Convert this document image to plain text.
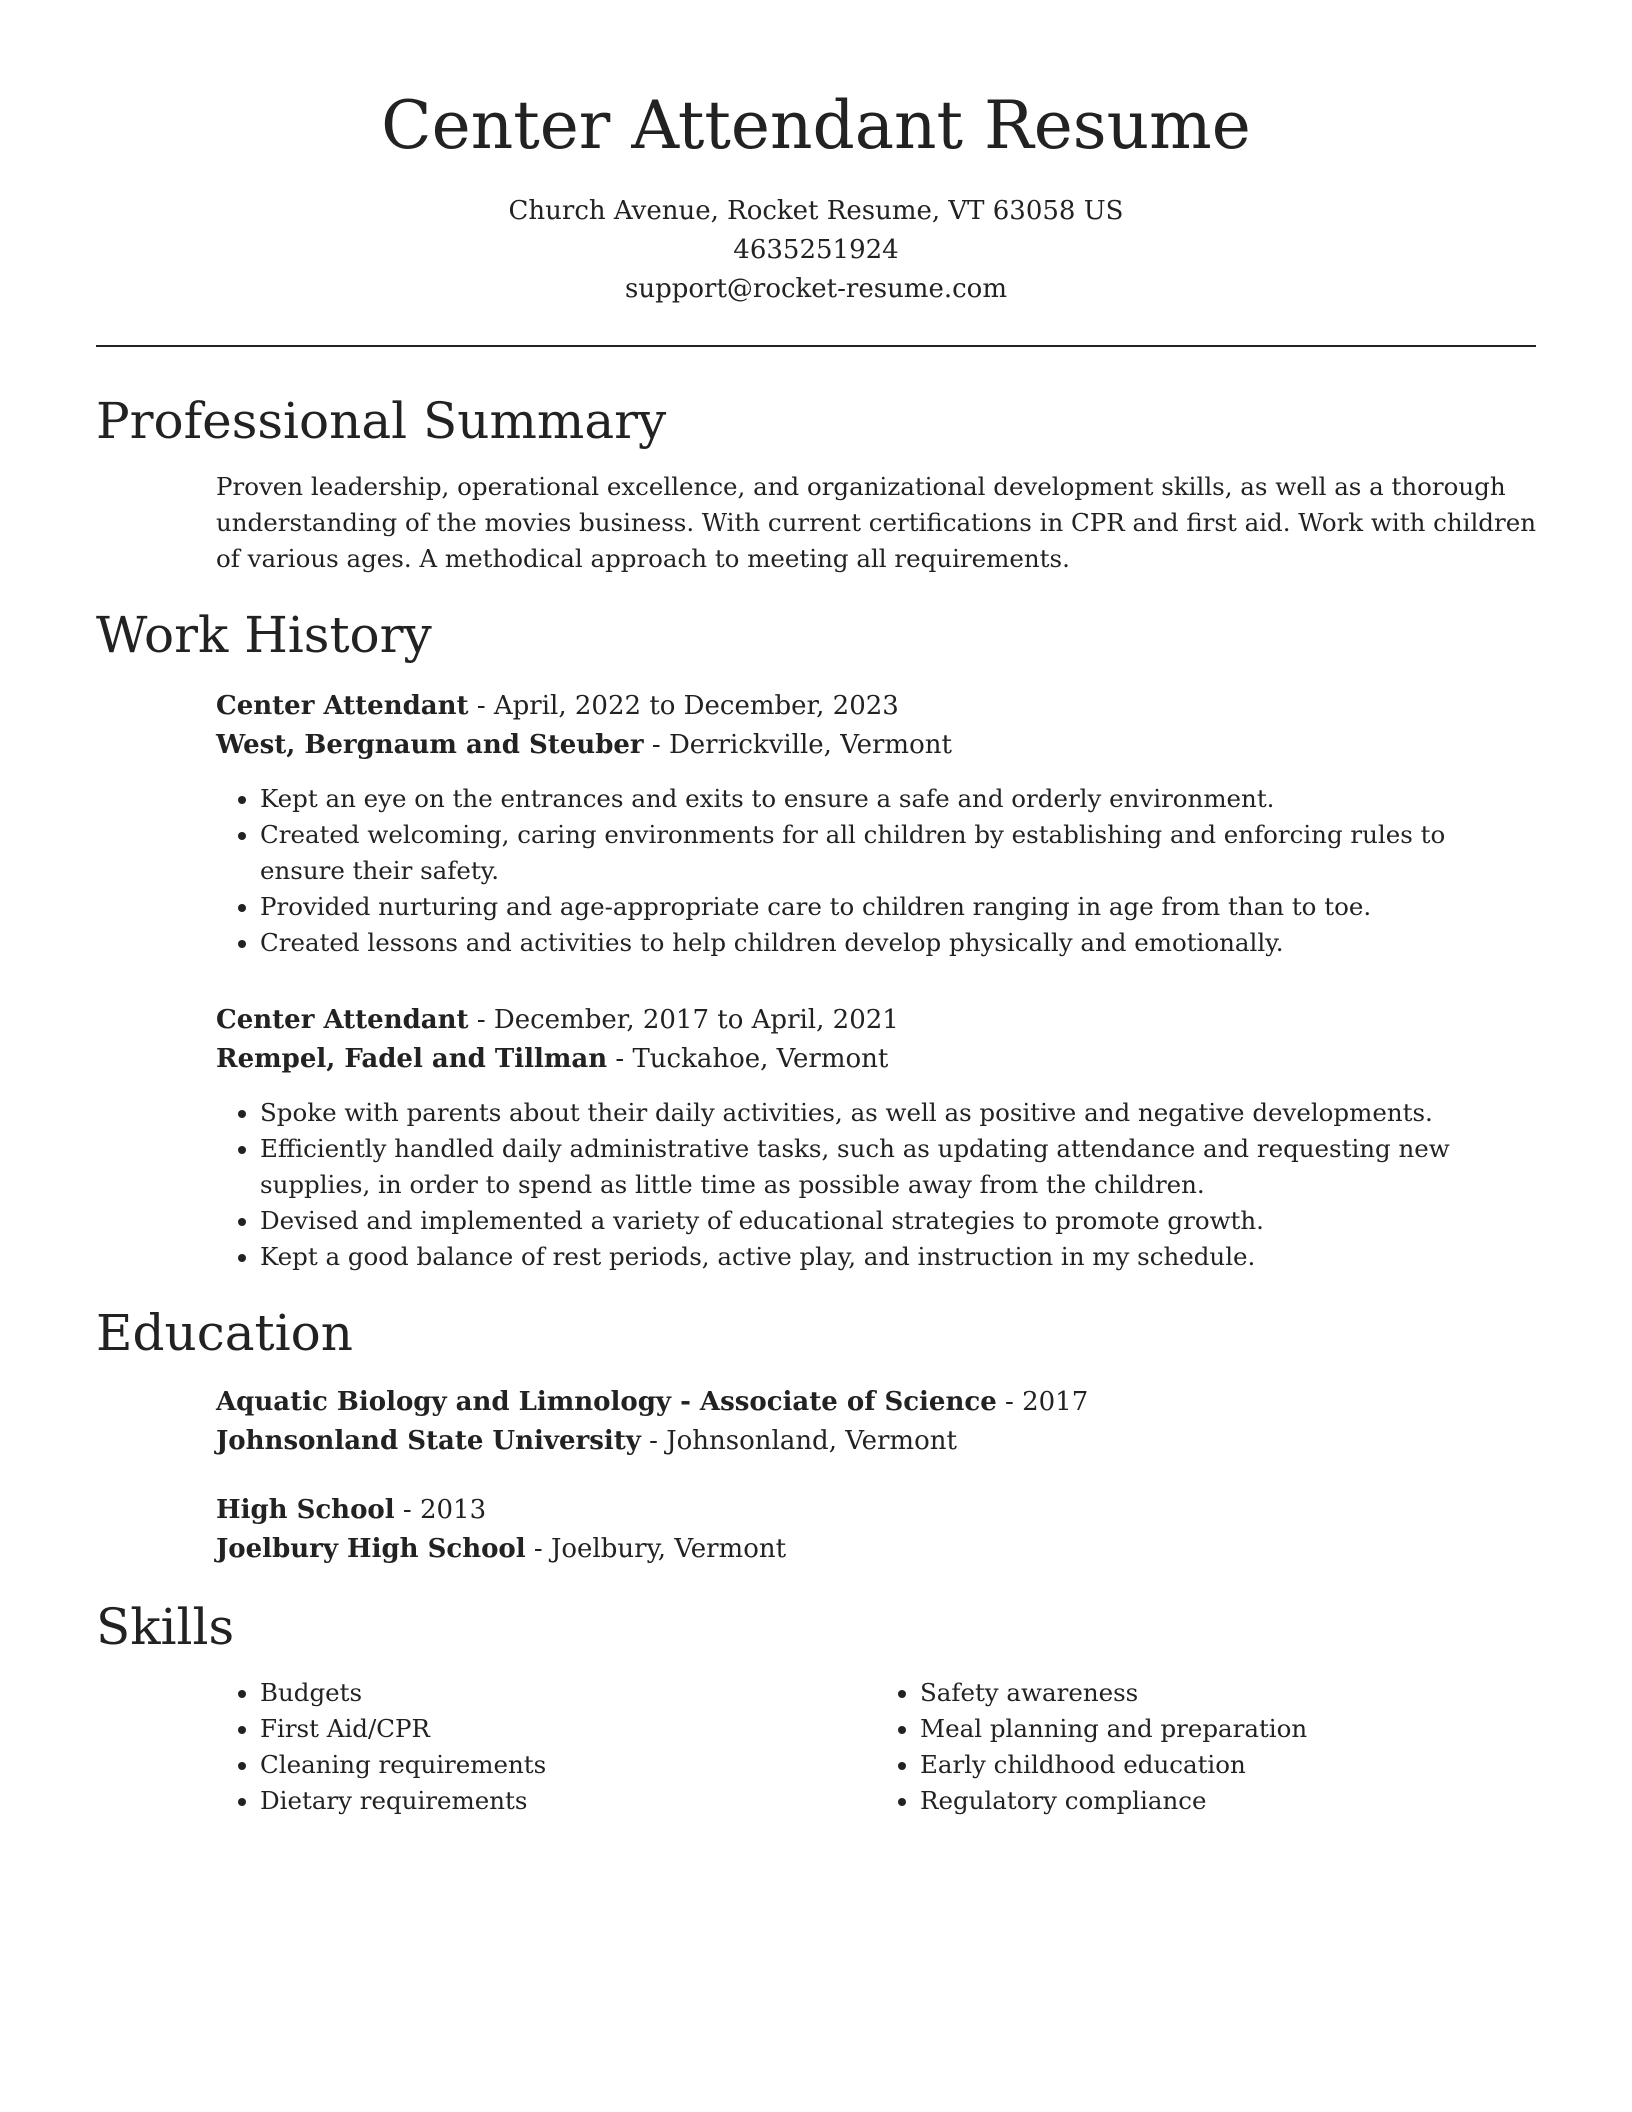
Center Attendant Resume
Church Avenue, Rocket Resume, VT 63058 US
4635251924
support@rocket-resume.com
Professional Summary
Proven leadership, operational excellence, and organizational development skills, as well as a thorough understanding of the movies business. With current certifications in CPR and first aid. Work with children of various ages. A methodical approach to meeting all requirements.
Work History
Center Attendant - April, 2022 to December, 2023
West, Bergnaum and Steuber - Derrickville, Vermont
• Kept an eye on the entrances and exits to ensure a safe and orderly environment.
• Created welcoming, caring environments for all children by establishing and enforcing rules to ensure their safety.
• Provided nurturing and age-appropriate care to children ranging in age from than to toe.
• Created lessons and activities to help children develop physically and emotionally.
Center Attendant - December, 2017 to April, 2021
Rempel, Fadel and Tillman - Tuckahoe, Vermont
• Spoke with parents about their daily activities, as well as positive and negative developments.
• Efficiently handled daily administrative tasks, such as updating attendance and requesting new supplies, in order to spend as little time as possible away from the children.
• Devised and implemented a variety of educational strategies to promote growth.
• Kept a good balance of rest periods, active play, and instruction in my schedule.
Education
Aquatic Biology and Limnology - Associate of Science - 2017
Johnsonland State University - Johnsonland, Vermont
High School - 2013
Joelbury High School - Joelbury, Vermont
Skills
• Budgets
• First Aid/CPR
• Cleaning requirements
• Dietary requirements
• Safety awareness
• Meal planning and preparation
• Early childhood education
• Regulatory compliance
